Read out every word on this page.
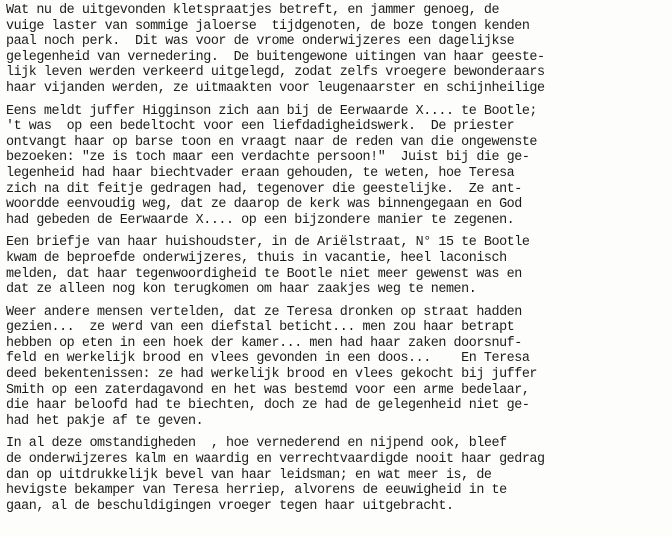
Wat nu de uitgevonden kletspraatjes betreft, en jammer genoeg, de
vuige laster van sommige jaloerse  tijdgenoten, de boze tongen kenden
paal noch perk.  Dit was voor de vrome onderwijzeres een dagelijkse
gelegenheid van vernedering.  De buitengewone uitingen van haar geeste-
lijk leven werden verkeerd uitgelegd, zodat zelfs vroegere bewonderaars
haar vijanden werden, ze uitmaakten voor leugenaarster en schijnheilige
Eens meldt juffer Higginson zich aan bij de Eerwaarde X.... te Bootle;
't was  op een bedeltocht voor een liefdadigheidswerk.  De priester
ontvangt haar op barse toon en vraagt naar de reden van die ongewenste
bezoeken: "ze is toch maar een verdachte persoon!"  Juist bij die ge-
legenheid had haar biechtvader eraan gehouden, te weten, hoe Teresa
zich na dit feitje gedragen had, tegenover die geestelijke.  Ze ant-
woordde eenvoudig weg, dat ze daarop de kerk was binnengegaan en God
had gebeden de Eerwaarde X.... op een bijzondere manier te zegenen.
Een briefje van haar huishoudster, in de Ariëlstraat, N° 15 te Bootle
kwam de beproefde onderwijzeres, thuis in vacantie, heel laconisch
melden, dat haar tegenwoordigheid te Bootle niet meer gewenst was en
dat ze alleen nog kon terugkomen om haar zaakjes weg te nemen.
Weer andere mensen vertelden, dat ze Teresa dronken op straat hadden
gezien...  ze werd van een diefstal beticht... men zou haar betrapt
hebben op eten in een hoek der kamer... men had haar zaken doorsnuf-
feld en werkelijk brood en vlees gevonden in een doos...    En Teresa
deed bekentenissen: ze had werkelijk brood en vlees gekocht bij juffer
Smith op een zaterdagavond en het was bestemd voor een arme bedelaar,
die haar beloofd had te biechten, doch ze had de gelegenheid niet ge-
had het pakje af te geven.
In al deze omstandigheden  , hoe vernederend en nijpend ook, bleef
de onderwijzeres kalm en waardig en verrechtvaardigde nooit haar gedrag
dan op uitdrukkelijk bevel van haar leidsman; en wat meer is, de
hevigste bekamper van Teresa herriep, alvorens de eeuwigheid in te
gaan, al de beschuldigingen vroeger tegen haar uitgebracht.
